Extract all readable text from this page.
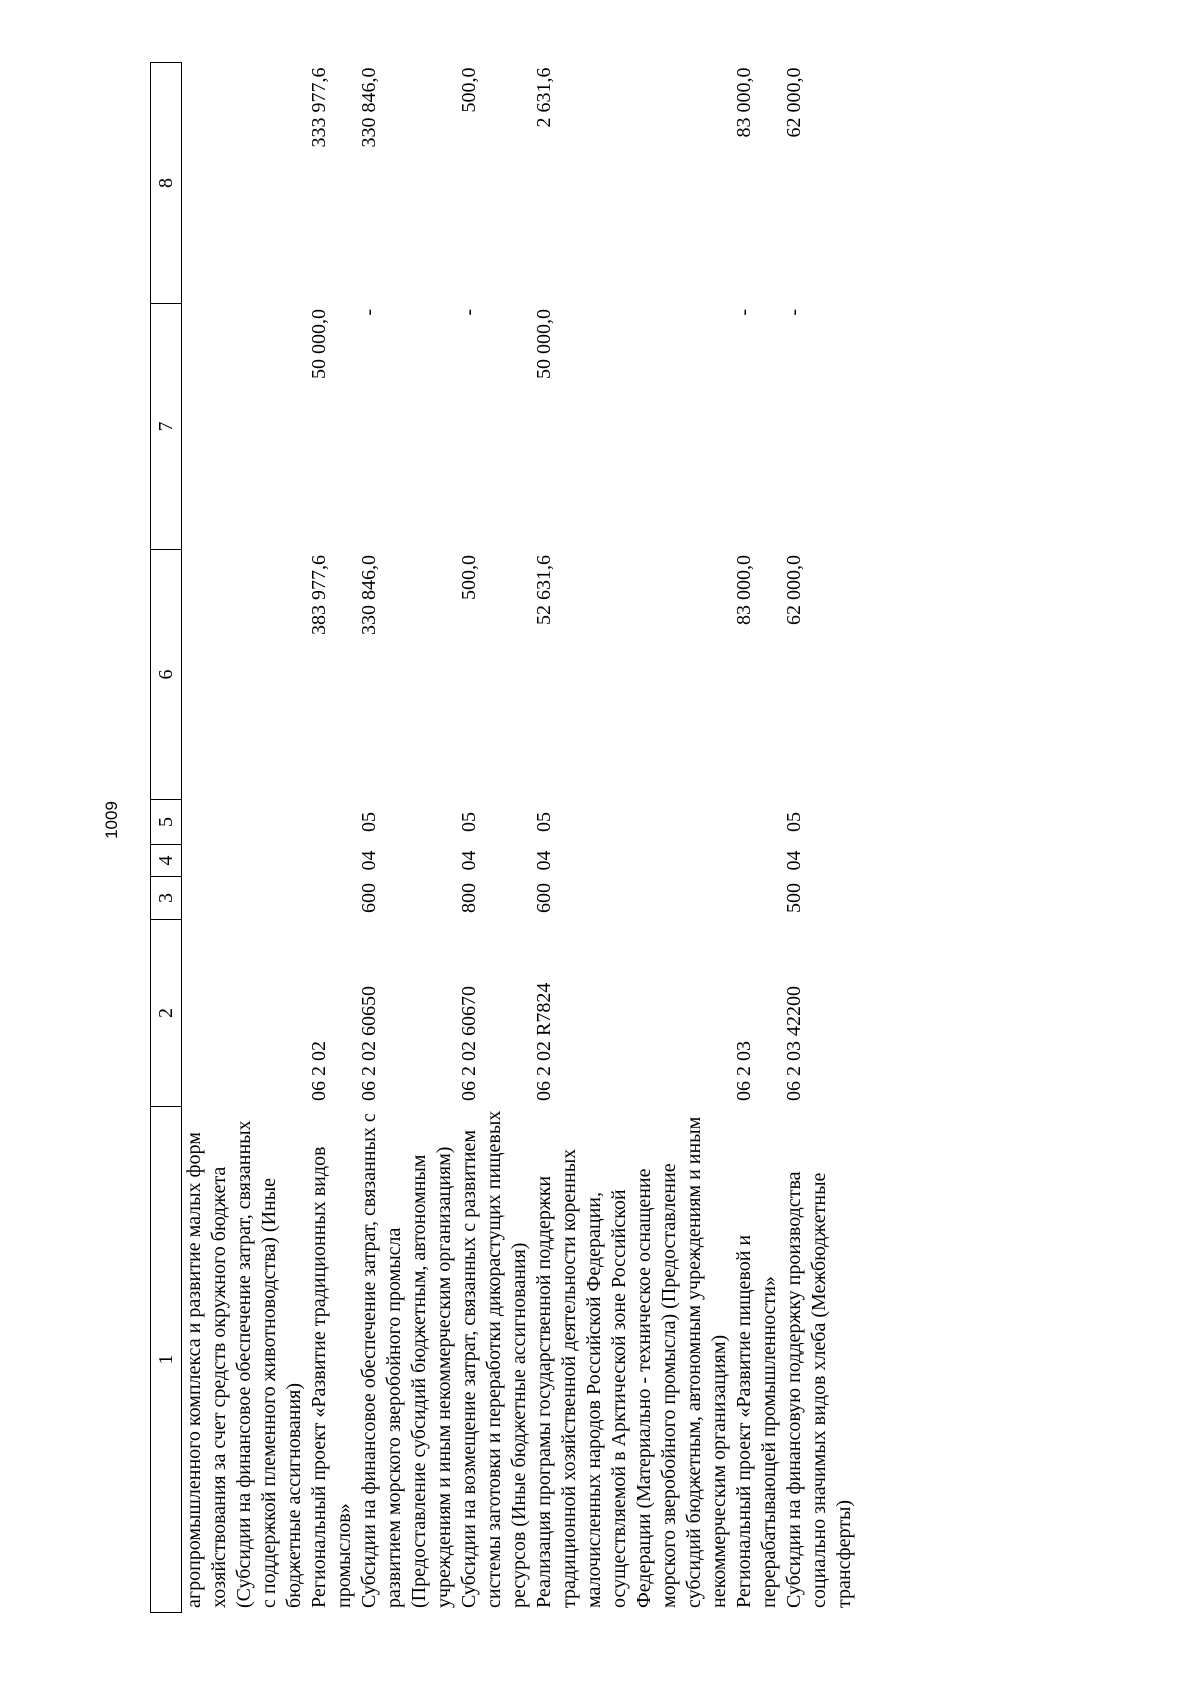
1009
1	2	3	4	5	6	7	8
агропромышленного комплекса и развитие малых форм хозяйствования за счет средств окружного бюджета (Субсидии на финансовое обеспечение затрат, связанных с поддержкой племенного животноводства) (Иные бюджетные ассигнования)							
Региональный проект «Развитие традиционных видов промыслов»	06 2 02				383 977,6	50 000,0	333 977,6
Субсидии на финансовое обеспечение затрат, связанных с развитием морского зверобойного промысла (Предоставление субсидий бюджетным, автономным учреждениям и иным некоммерческим организациям)	06 2 02 60650	600	04	05	330 846,0	-	330 846,0
Субсидии на возмещение затрат, связанных с развитием системы заготовки и переработки дикорастущих пищевых ресурсов (Иные бюджетные ассигнования)	06 2 02 60670	800	04	05	500,0	-	500,0
Реализация програмы государственной поддержки традиционной хозяйственной деятельности коренных малочисленных народов Российской Федерации, осуществляемой в Арктической зоне Российской Федерации (Материально - техническое оснащение морского зверобойного промысла) (Предоставление субсидий бюджетным, автономным учреждениям и иным некоммерческим организациям)	06 2 02 R7824	600	04	05	52 631,6	50 000,0	2 631,6
Региональный проект «Развитие пищевой и перерабатывающей промышленности»	06 2 03				83 000,0	-	83 000,0
Субсидии на финансовую поддержку производства социально значимых видов хлеба (Межбюджетные трансферты)	06 2 03 42200	500	04	05	62 000,0	-	62 000,0
